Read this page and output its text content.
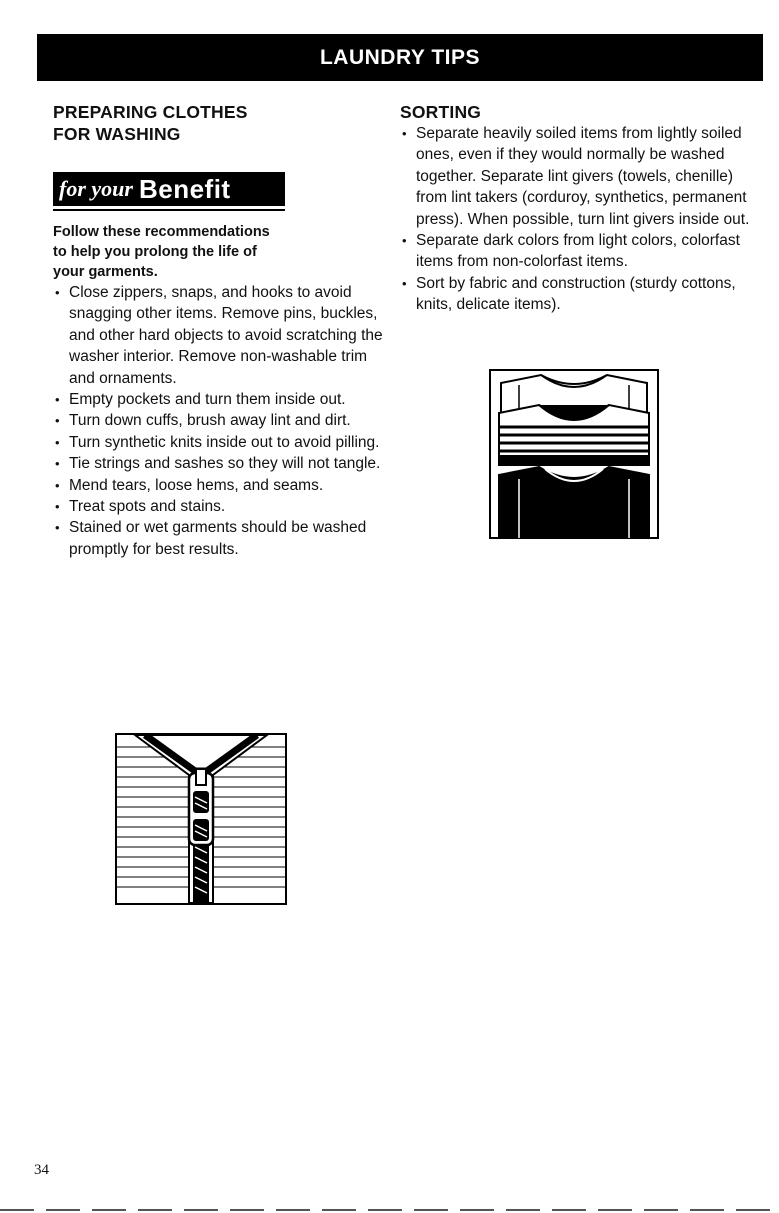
LAUNDRY TIPS
PREPARING CLOTHES
FOR WASHING
for your Benefit
Follow these recommendations
to help you prolong the life of
your garments.
• Close zippers, snaps, and hooks to avoid snagging other items. Remove pins, buckles, and other hard objects to avoid scratching the washer interior. Remove non-washable trim and ornaments.
• Empty pockets and turn them inside out.
• Turn down cuffs, brush away lint and dirt.
• Turn synthetic knits inside out to avoid pilling.
• Tie strings and sashes so they will not tangle.
• Mend tears, loose hems, and seams.
• Treat spots and stains.
• Stained or wet garments should be washed promptly for best results.
SORTING
• Separate heavily soiled items from lightly soiled ones, even if they would normally be washed together. Separate lint givers (towels, chenille) from lint takers (corduroy, synthetics, permanent press). When possible, turn lint givers inside out.
• Separate dark colors from light colors, colorfast items from non-colorfast items.
• Sort by fabric and construction (sturdy cottons, knits, delicate items).
34
